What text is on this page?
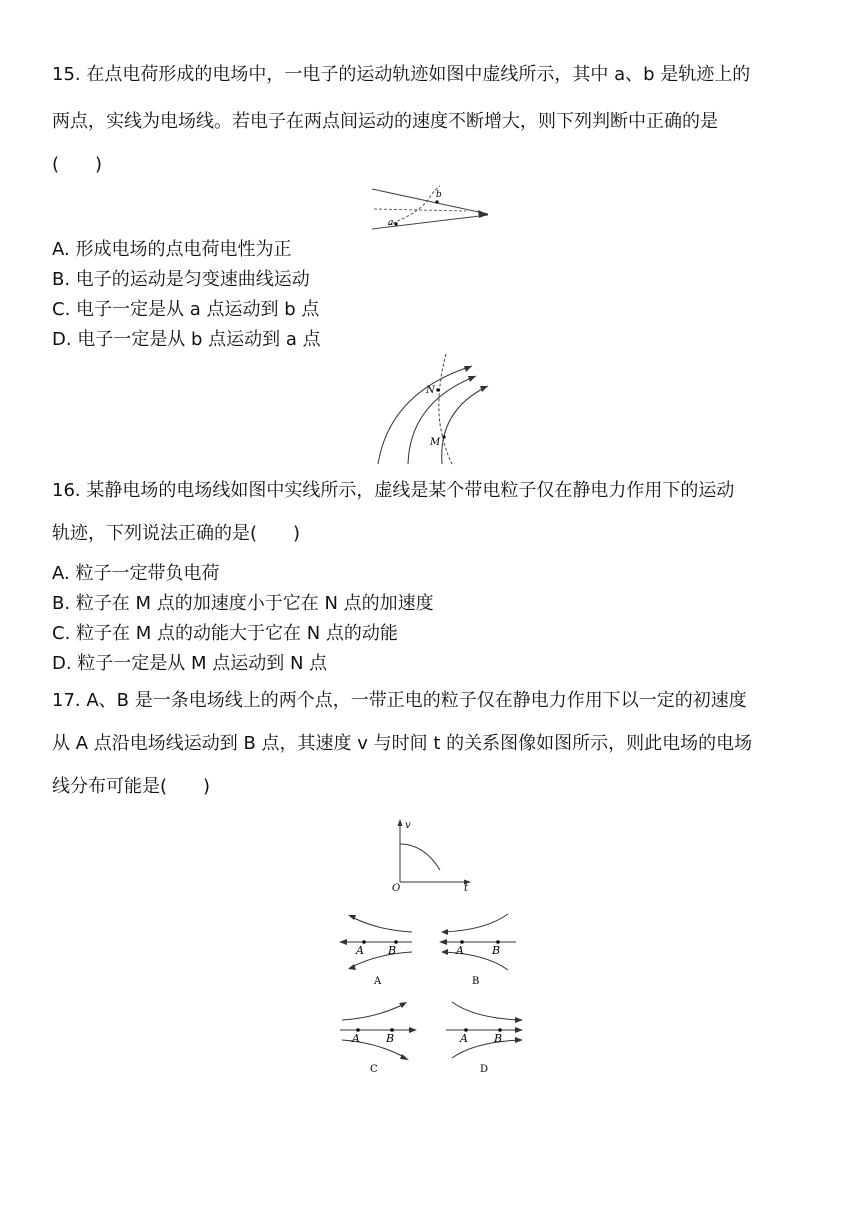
15. 在点电荷形成的电场中，一电子的运动轨迹如图中虚线所示，其中 a、b 是轨迹上的
两点，实线为电场线。若电子在两点间运动的速度不断增大，则下列判断中正确的是
(　　)
a
b
A. 形成电场的点电荷电性为正
B. 电子的运动是匀变速曲线运动
C. 电子一定是从 a 点运动到 b 点
D. 电子一定是从 b 点运动到 a 点
N
M
16. 某静电场的电场线如图中实线所示，虚线是某个带电粒子仅在静电力作用下的运动
轨迹，下列说法正确的是(　　)
A. 粒子一定带负电荷
B. 粒子在 M 点的加速度小于它在 N 点的加速度
C. 粒子在 M 点的动能大于它在 N 点的动能
D. 粒子一定是从 M 点运动到 N 点
17. A、B 是一条电场线上的两个点，一带正电的粒子仅在静电力作用下以一定的初速度
从 A 点沿电场线运动到 B 点，其速度 v 与时间 t 的关系图像如图所示，则此电场的电场
线分布可能是(　　)
v
t
O
A B
A
A	B
B
A B
C
A B
D
